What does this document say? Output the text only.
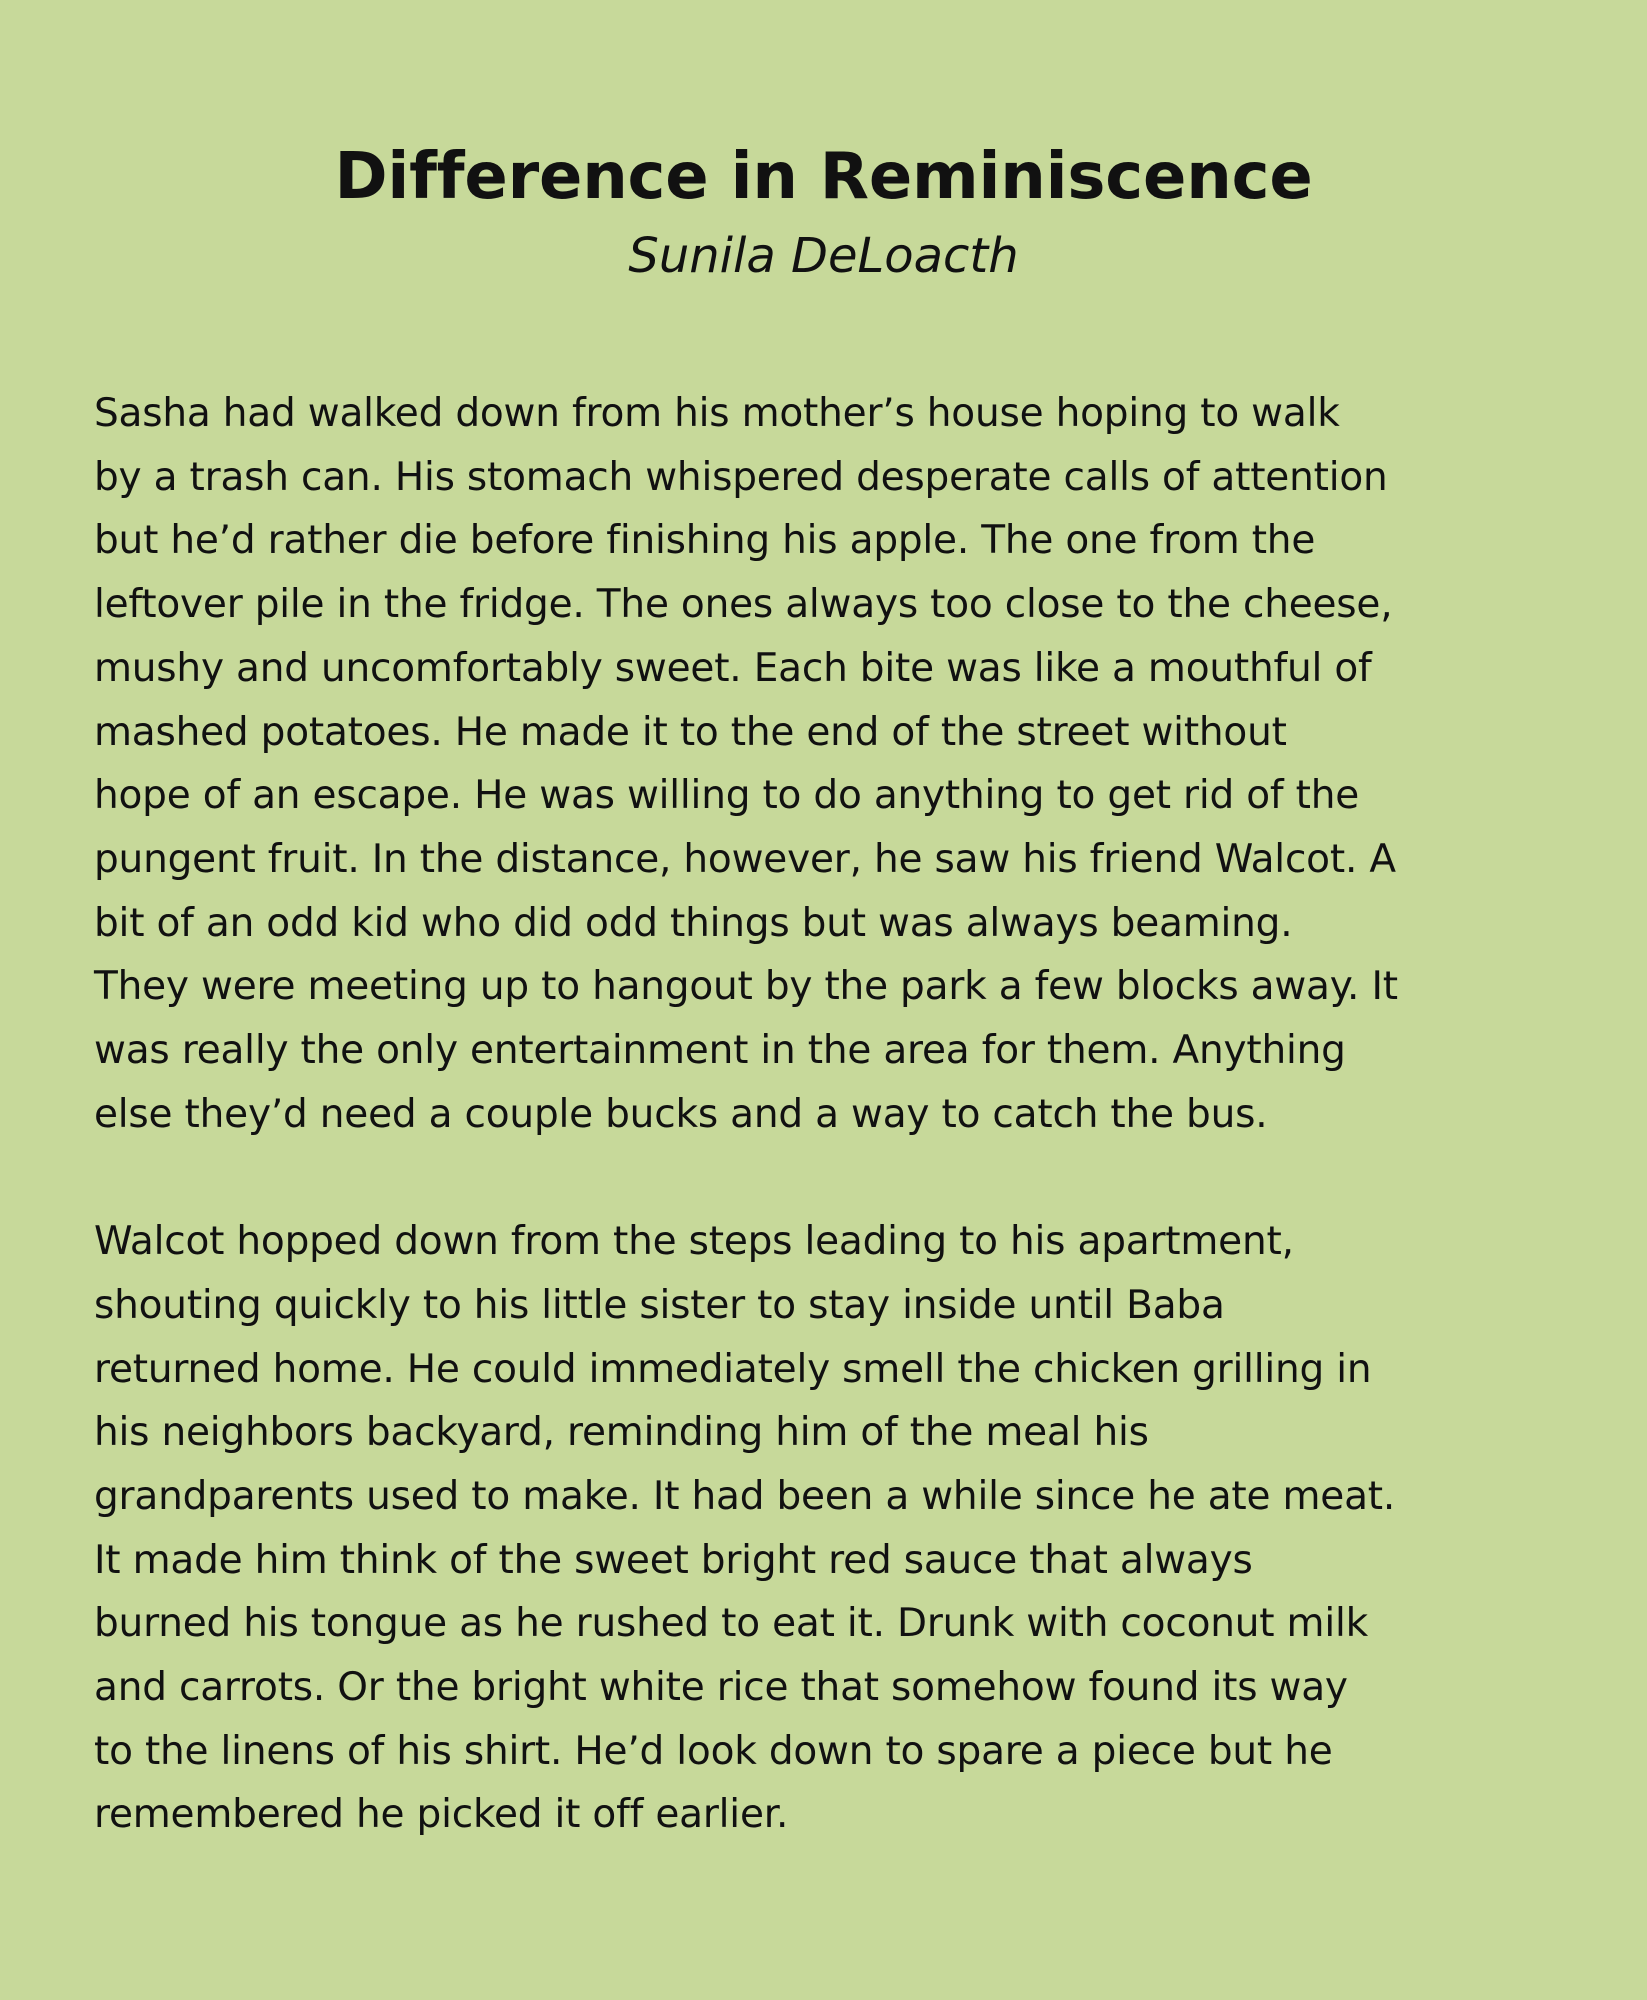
Difference in Reminiscence
Sunila DeLoacth

Sasha had walked down from his mother’s house hoping to walk
by a trash can. His stomach whispered desperate calls of attention
but he’d rather die before finishing his apple. The one from the
leftover pile in the fridge. The ones always too close to the cheese,
mushy and uncomfortably sweet. Each bite was like a mouthful of
mashed potatoes. He made it to the end of the street without
hope of an escape. He was willing to do anything to get rid of the
pungent fruit. In the distance, however, he saw his friend Walcot. A
bit of an odd kid who did odd things but was always beaming.
They were meeting up to hangout by the park a few blocks away. It
was really the only entertainment in the area for them. Anything
else they’d need a couple bucks and a way to catch the bus.

Walcot hopped down from the steps leading to his apartment,
shouting quickly to his little sister to stay inside until Baba
returned home. He could immediately smell the chicken grilling in
his neighbors backyard, reminding him of the meal his
grandparents used to make. It had been a while since he ate meat.
It made him think of the sweet bright red sauce that always
burned his tongue as he rushed to eat it. Drunk with coconut milk
and carrots. Or the bright white rice that somehow found its way
to the linens of his shirt. He’d look down to spare a piece but he
remembered he picked it off earlier.
